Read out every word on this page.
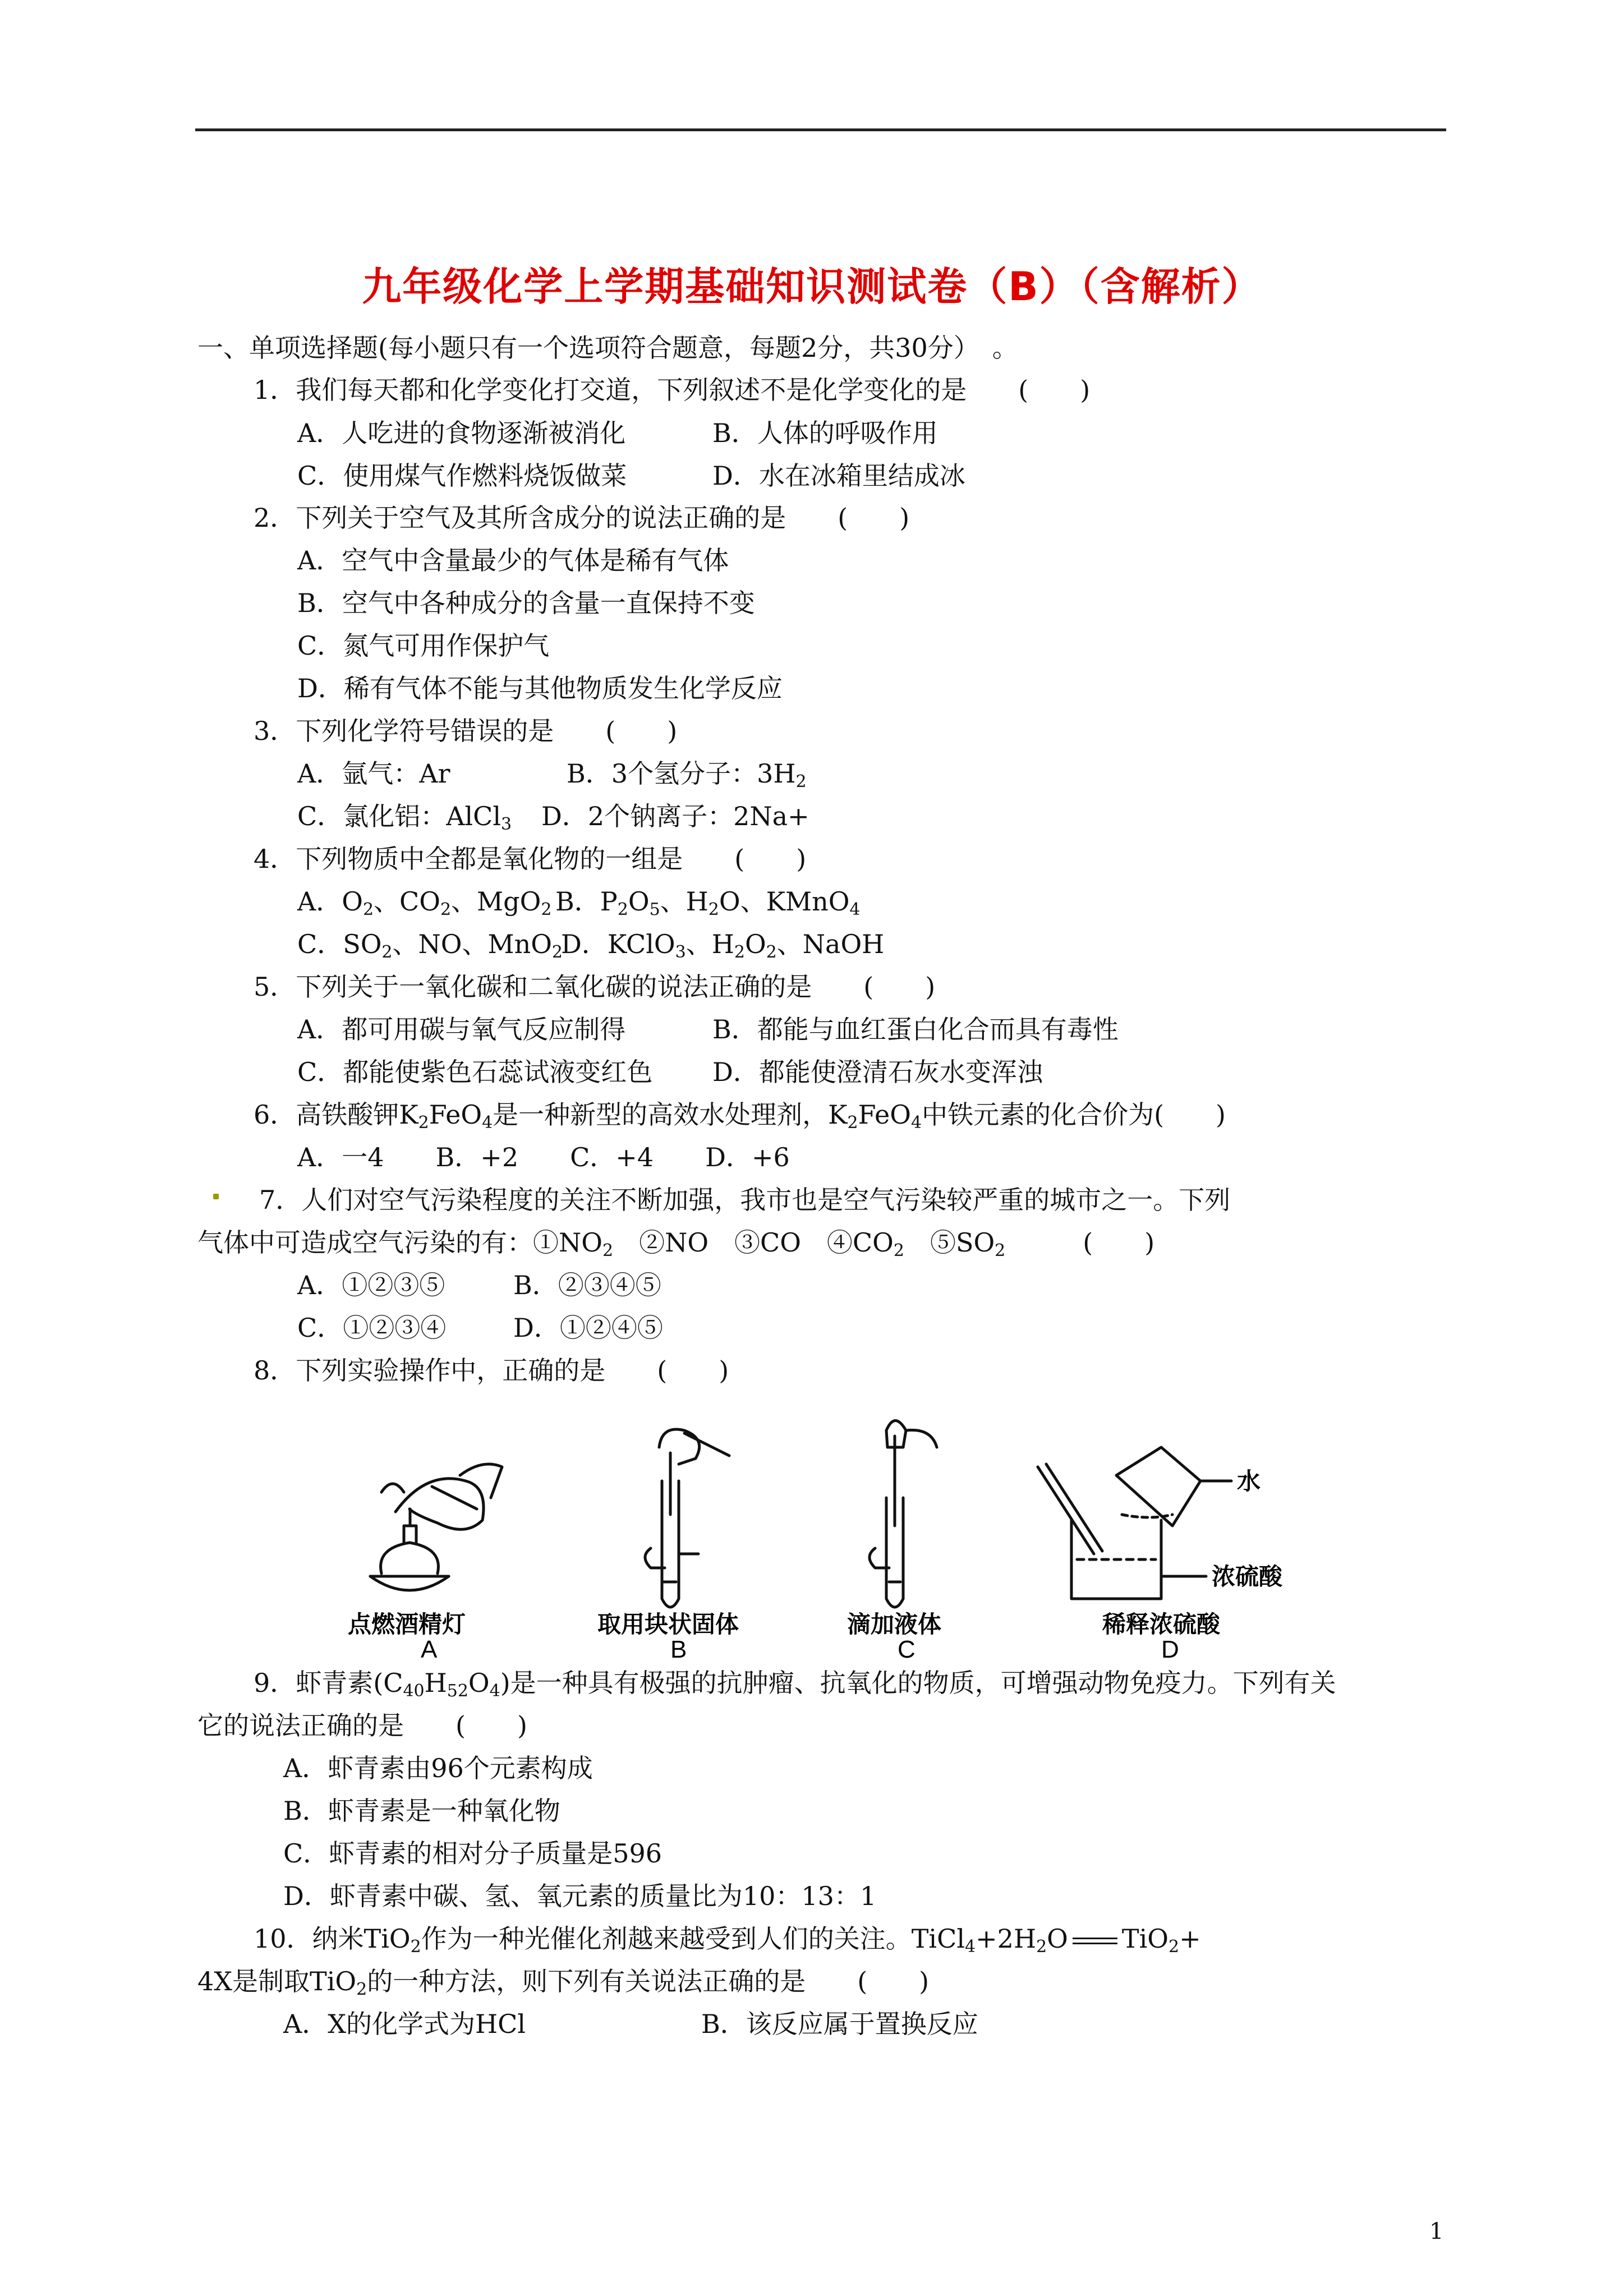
九年级化学上学期基础知识测试卷（B）（含解析）
一、单项选择题(每小题只有一个选项符合题意，每题2分，共30分）　。
1．我们每天都和化学变化打交道，下列叙述不是化学变化的是　　(　　)
A．人吃进的食物逐渐被消化	B．人体的呼吸作用
C．使用煤气作燃料烧饭做菜	D．水在冰箱里结成冰
2．下列关于空气及其所含成分的说法正确的是　　(　　)
A．空气中含量最少的气体是稀有气体
B．空气中各种成分的含量一直保持不变
C．氮气可用作保护气
D．稀有气体不能与其他物质发生化学反应
3．下列化学符号错误的是　　(　　)
A．氩气：Ar	B．3个氢分子：$3H_2$
C．氯化铝：AlCl$_3$ D．2个钠离子：2Na+
4．下列物质中全都是氧化物的一组是　　(　　)
A．$O_2$、$CO_2$、MgO$_2$ B．$P_2O_5$、$H_2O$、KMnO$_4$
C．$SO_2$、NO、MnO$_2$
D．KClO$_3$、$H_2O_2$、NaOH
5．下列关于一氧化碳和二氧化碳的说法正确的是　　(　　)
A．都可用碳与氧气反应制得	B．都能与血红蛋白化合而具有毒性
C．都能使紫色石蕊试液变红色 D．都能使澄清石灰水变浑浊
6．高铁酸钾$K_2FeO_4$是一种新型的高效水处理剂，$K_2FeO_4$中铁元素的化合价为(　　)
A．一4　　B．+2　　C．+4　　D．+6
7．人们对空气污染程度的关注不断加强，我市也是空气污染较严重的城市之一。下列
气体中可造成空气污染的有：$①NO_2$　②NO　③CO　$④CO_2$　$⑤SO_2$　　　(　　)
A．①②③⑤	B．②③④⑤
C．①②③④	D．①②④⑤
8．下列实验操作中，正确的是　　(　　)
水
浓硫酸
点燃酒精灯	取用块状固体	滴加液体	稀释浓硫酸
A	B	C	D
9．虾青素$(C_{40}H_{52}O_4)$是一种具有极强的抗肿瘤、抗氧化的物质，可增强动物免疫力。下列有关
它的说法正确的是　　(　　)
A．虾青素由96个元素构成
B．虾青素是一种氧化物
C．虾青素的相对分子质量是596
D．虾青素中碳、氢、氧元素的质量比为10：13：1
10．纳米TiO$_2$作为一种光催化剂越来越受到人们的关注。$TiCl_4+2H_2O$ TiO$_2$+
4X是制取TiO$_2$的一种方法，则下列有关说法正确的是　　(　　)
A．X的化学式为HCl	B．该反应属于置换反应
1
